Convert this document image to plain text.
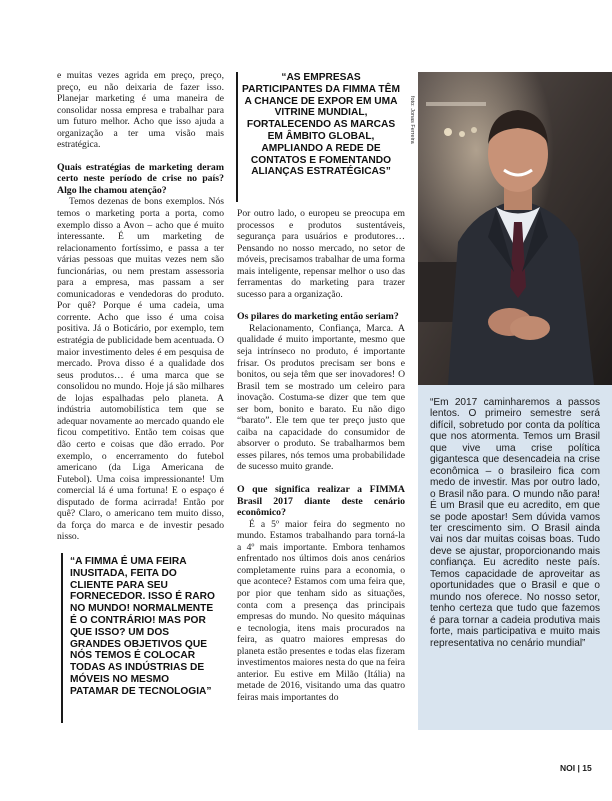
e muitas vezes agrida em preço, preço, preço, eu não deixaria de fazer isso. Planejar marketing é uma maneira de consolidar nossa empresa e trabalhar para um futuro melhor. Acho que isso ajuda a organização a ter uma visão mais estratégica.

Quais estratégias de marketing deram certo neste período de crise no país? Algo lhe chamou atenção?

Temos dezenas de bons exemplos. Nós temos o marketing porta a porta, como exemplo disso a Avon – acho que é muito interessante. É um marketing de relacionamento fortíssimo, e passa a ter várias pessoas que muitas vezes nem são funcionárias, ou nem prestam assessoria para a empresa, mas passam a ser comunicadoras e vendedoras do produto. Por quê? Porque é uma cadeia, uma corrente. Acho que isso é uma coisa positiva. Já o Boticário, por exemplo, tem estratégia de publicidade bem acentuada. O maior investimento deles é em pesquisa de mercado. Prova disso é a qualidade dos seus produtos… é uma marca que se consolidou no mundo. Hoje já são milhares de lojas espalhadas pelo planeta. A indústria automobilística tem que se adequar novamente ao mercado quando ele ficou competitivo. Então tem coisas que dão certo e coisas que dão errado. Por exemplo, o encerramento do futebol americano (da Liga Americana de Futebol). Uma coisa impressionante! Um comercial lá é uma fortuna! E o espaço é disputado de forma acirrada! Então por quê? Claro, o americano tem muito disso, da força do marca e de investir pesado nisso.

“AS EMPRESAS PARTICIPANTES DA FIMMA TÊM A CHANCE DE EXPOR EM UMA VITRINE MUNDIAL, FORTALECENDO AS MARCAS EM ÂMBITO GLOBAL, AMPLIANDO A REDE DE CONTATOS E FOMENTANDO ALIANÇAS ESTRATÉGICAS”

Por outro lado, o europeu se preocupa em processos e produtos sustentáveis, segurança para usuários e produtores… Pensando no nosso mercado, no setor de móveis, precisamos trabalhar de uma forma mais inteligente, repensar melhor o uso das ferramentas do marketing para trazer sucesso para a organização.

Os pilares do marketing então seriam?

Relacionamento, Confiança, Marca. A qualidade é muito importante, mesmo que seja intrínseco no produto, é importante frisar. Os produtos precisam ser bons e bonitos, ou seja têm que ser inovadores! O Brasil tem se mostrado um celeiro para inovação. Costuma-se dizer que tem que ser bom, bonito e barato. Eu não digo “barato”. Ele tem que ter preço justo que caiba na capacidade do consumidor de absorver o produto. Se trabalharmos bem esses pilares, nós temos uma probabilidade de sucesso muito grande.

O que significa realizar a FIMMA Brasil 2017 diante deste cenário econômico?

É a 5º maior feira do segmento no mundo. Estamos trabalhando para torná-la a 4º mais importante. Embora tenhamos enfrentado nos últimos dois anos cenários completamente ruins para a economia, o que acontece? Estamos com uma feira que, por pior que tenham sido as situações, conta com a presença das principais empresas do mundo. No quesito máquinas e tecnologia, itens mais procurados na feira, as quatro maiores empresas do planeta estão presentes e todas elas fizeram investimentos maiores nesta do que na feira anterior. Eu estive em Milão (Itália) na metade de 2016, visitando uma das quatro feiras mais importantes do

“A FIMMA É UMA FEIRA INUSITADA, FEITA DO CLIENTE PARA SEU FORNECEDOR. ISSO É RARO NO MUNDO! NORMALMENTE É O CONTRÁRIO! MAS POR QUE ISSO? UM DOS GRANDES OBJETIVOS QUE NÓS TEMOS É COLOCAR TODAS AS INDÚSTRIAS DE MÓVEIS NO MESMO PATAMAR DE TECNOLOGIA”
foto: Jonas Ferreira
“Em 2017 caminharemos a passos lentos. O primeiro semestre será difícil, sobretudo por conta da política que nos atormenta. Temos um Brasil que vive uma crise política gigantesca que desencadeia na crise econômica – o brasileiro fica com medo de investir. Mas por outro lado, o Brasil não para. O mundo não para! É um Brasil que eu acredito, em que se pode apostar! Sem dúvida vamos ter crescimento sim. O Brasil ainda vai nos dar muitas coisas boas. Tudo deve se ajustar, proporcionando mais confiança. Eu acredito neste país. Temos capacidade de aproveitar as oportunidades que o Brasil e que o mundo nos oferece. No nosso setor, tenho certeza que tudo que fazemos é para tornar a cadeia produtiva mais forte, mais participativa e muito mais representativa no cenário mundial”
NOI | 15
